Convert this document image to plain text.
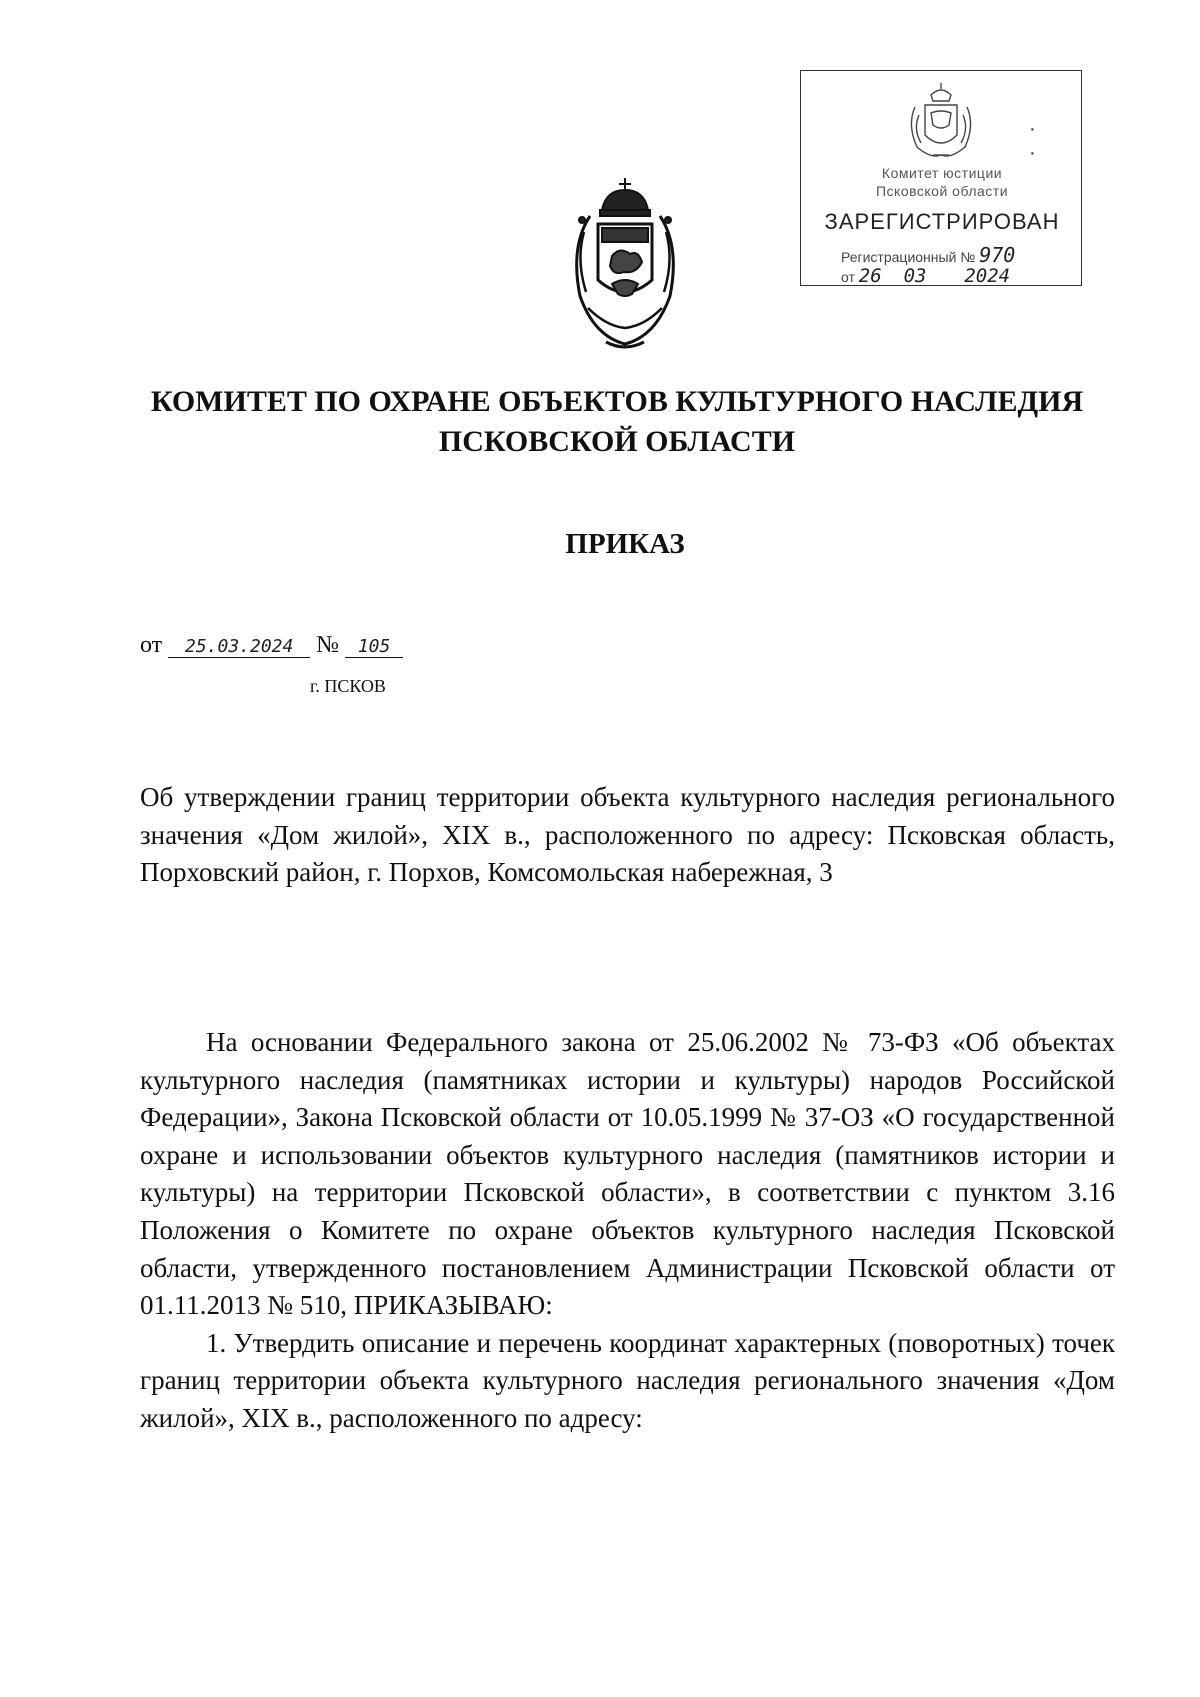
·
·
Комитет юстиции
Псковской области
ЗАРЕГИСТРИРОВАН
Регистрационный № 970
от 26 03 2024
КОМИТЕТ ПО ОХРАНЕ ОБЪЕКТОВ КУЛЬТУРНОГО НАСЛЕДИЯ ПСКОВСКОЙ ОБЛАСТИ
ПРИКАЗ
от 25.03.2024 № 105
г. ПСКОВ

Об утверждении границ территории объекта культурного наследия регионального значения «Дом жилой», XIX в., расположенного по адресу: Псковская область, Порховский район, г. Порхов, Комсомольская набережная, 3

На основании Федерального закона от 25.06.2002 № 73-ФЗ «Об объектах культурного наследия (памятниках истории и культуры) народов Российской Федерации», Закона Псковской области от 10.05.1999 № 37-ОЗ «О государственной охране и использовании объектов культурного наследия (памятников истории и культуры) на территории Псковской области», в соответствии с пунктом 3.16 Положения о Комитете по охране объектов культурного наследия Псковской области, утвержденного постановлением Администрации Псковской области от 01.11.2013 № 510, ПРИКАЗЫВАЮ:

1. Утвердить описание и перечень координат характерных (поворотных) точек границ территории объекта культурного наследия регионального значения «Дом жилой», XIX в., расположенного по адресу:
